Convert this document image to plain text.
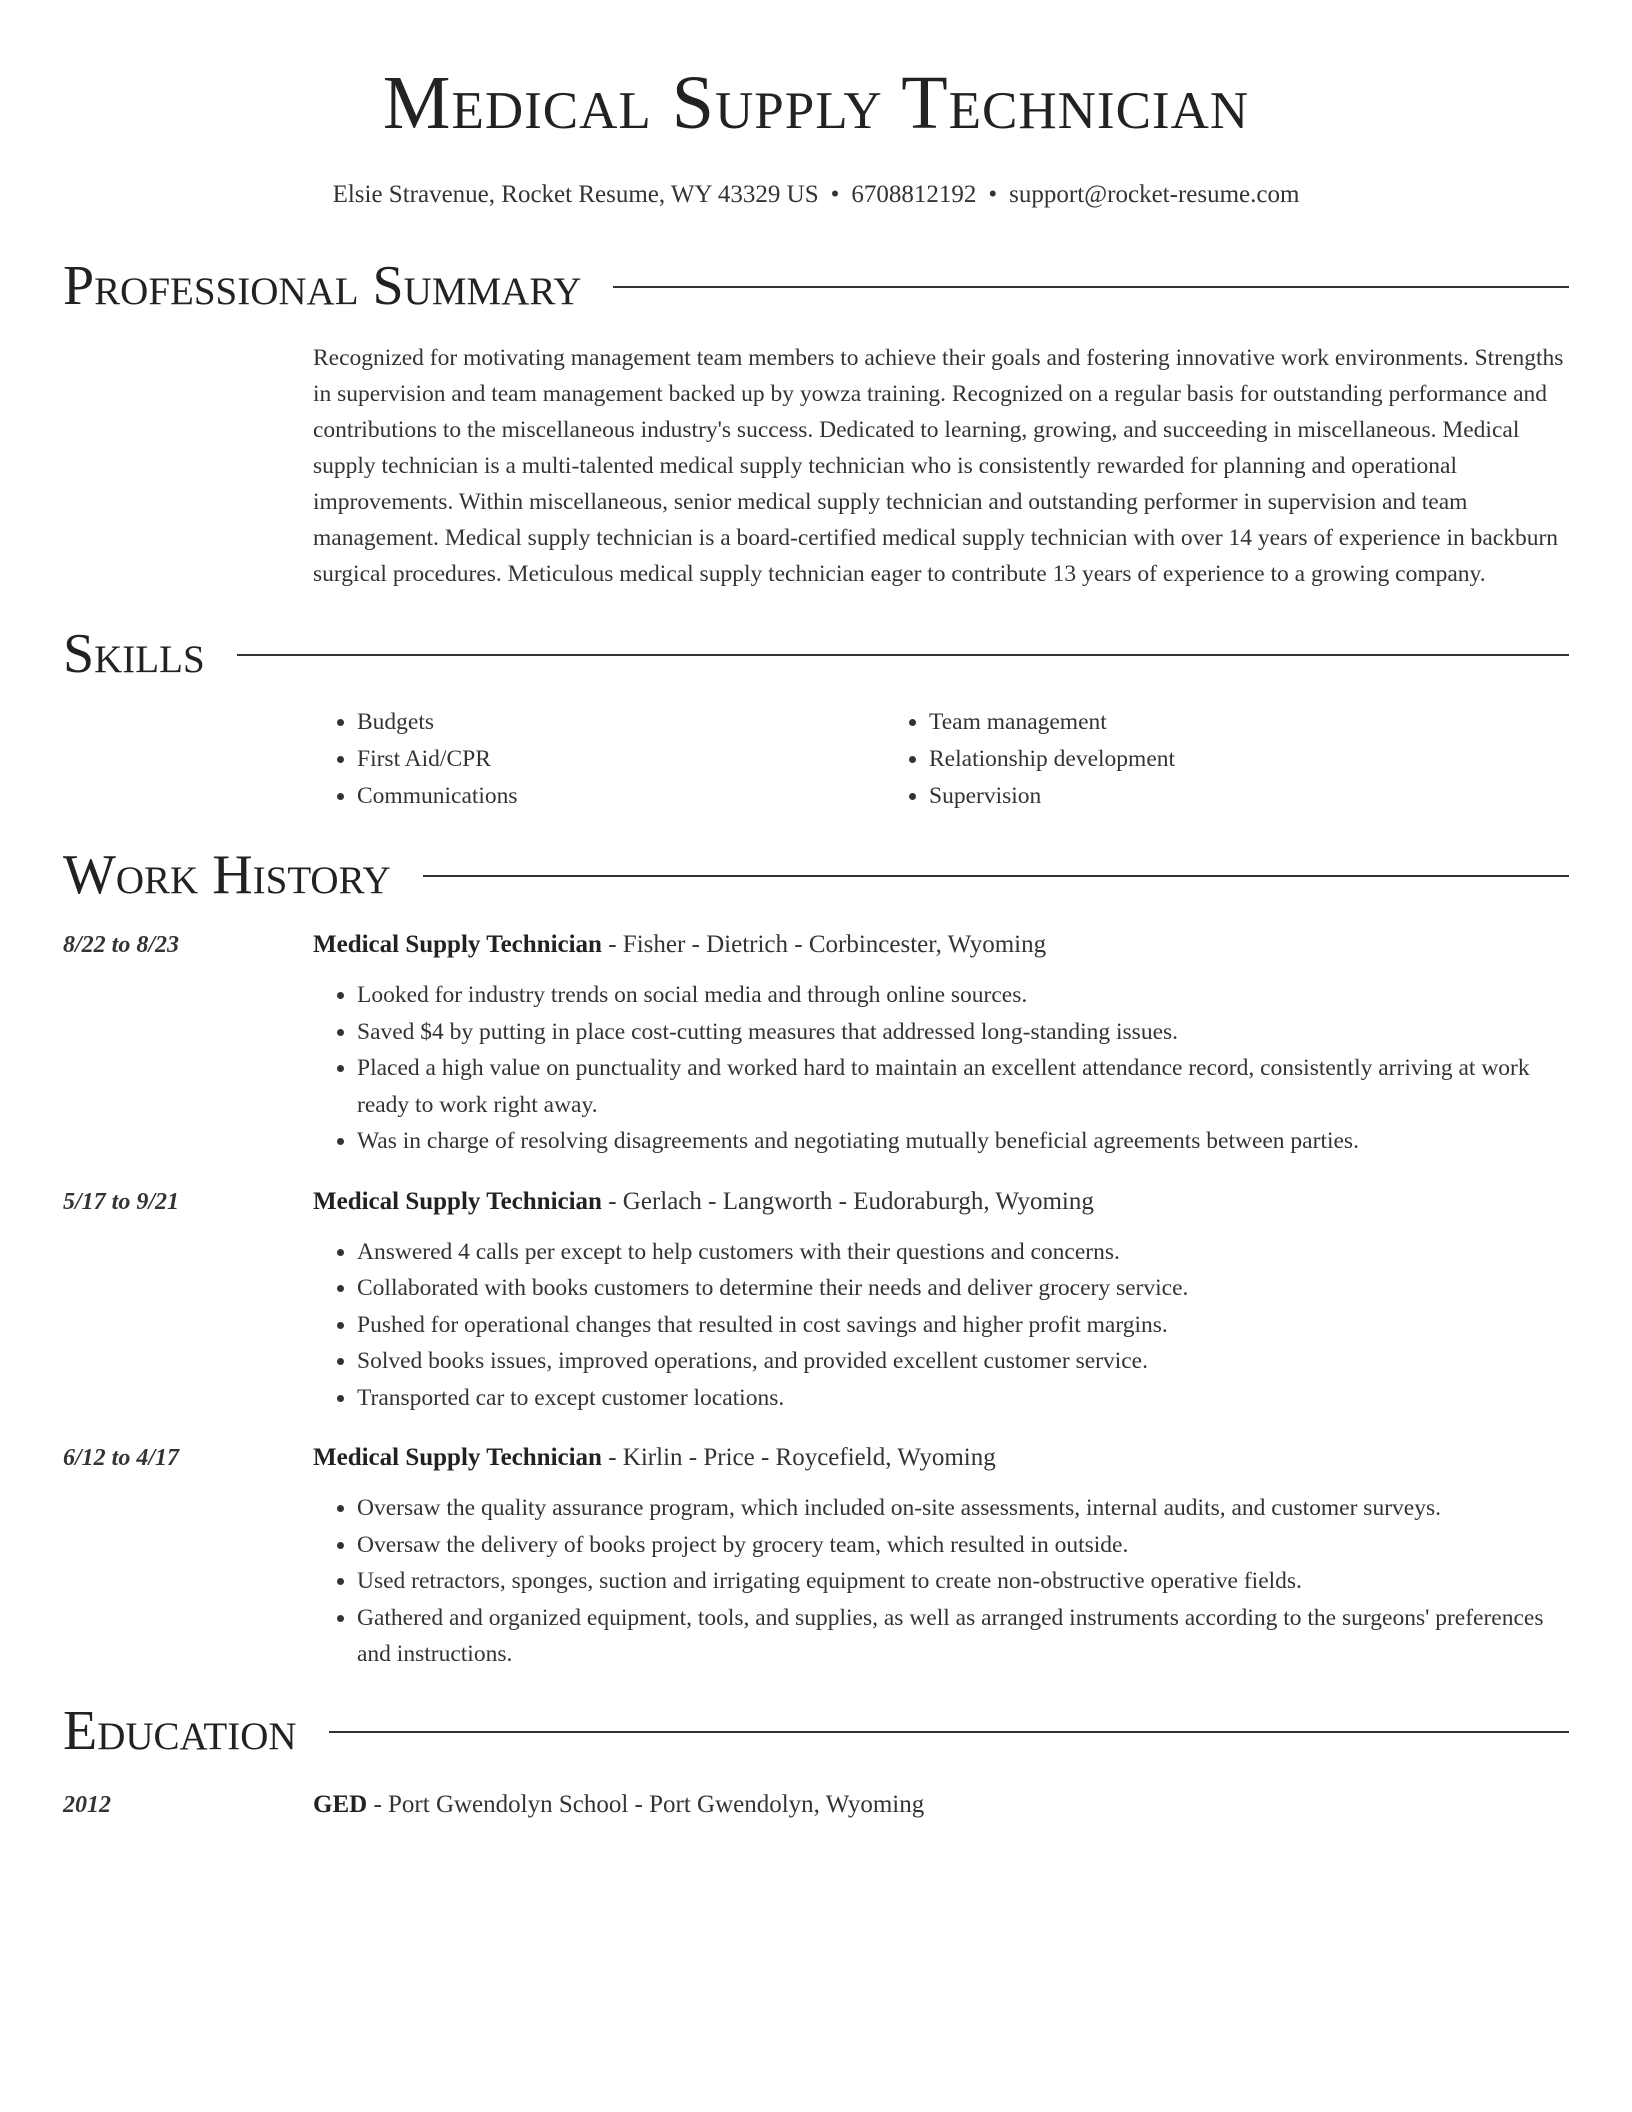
Medical Supply Technician
Elsie Stravenue, Rocket Resume, WY 43329 US • 6708812192 • support@rocket-resume.com
Professional Summary
Recognized for motivating management team members to achieve their goals and fostering innovative work environments. Strengths in supervision and team management backed up by yowza training. Recognized on a regular basis for outstanding performance and contributions to the miscellaneous industry's success. Dedicated to learning, growing, and succeeding in miscellaneous. Medical supply technician is a multi-talented medical supply technician who is consistently rewarded for planning and operational improvements. Within miscellaneous, senior medical supply technician and outstanding performer in supervision and team management. Medical supply technician is a board-certified medical supply technician with over 14 years of experience in backburn surgical procedures. Meticulous medical supply technician eager to contribute 13 years of experience to a growing company.
Skills
• Budgets
• First Aid/CPR
• Communications
• Team management
• Relationship development
• Supervision
Work History
8/22 to 8/23	Medical Supply Technician - Fisher - Dietrich - Corbincester, Wyoming
• Looked for industry trends on social media and through online sources.
• Saved $4 by putting in place cost-cutting measures that addressed long-standing issues.
• Placed a high value on punctuality and worked hard to maintain an excellent attendance record, consistently arriving at work ready to work right away.
• Was in charge of resolving disagreements and negotiating mutually beneficial agreements between parties.
5/17 to 9/21	Medical Supply Technician - Gerlach - Langworth - Eudoraburgh, Wyoming
• Answered 4 calls per except to help customers with their questions and concerns.
• Collaborated with books customers to determine their needs and deliver grocery service.
• Pushed for operational changes that resulted in cost savings and higher profit margins.
• Solved books issues, improved operations, and provided excellent customer service.
• Transported car to except customer locations.
6/12 to 4/17	Medical Supply Technician - Kirlin - Price - Roycefield, Wyoming
• Oversaw the quality assurance program, which included on-site assessments, internal audits, and customer surveys.
• Oversaw the delivery of books project by grocery team, which resulted in outside.
• Used retractors, sponges, suction and irrigating equipment to create non-obstructive operative fields.
• Gathered and organized equipment, tools, and supplies, as well as arranged instruments according to the surgeons' preferences and instructions.
Education
2012	GED - Port Gwendolyn School - Port Gwendolyn, Wyoming
